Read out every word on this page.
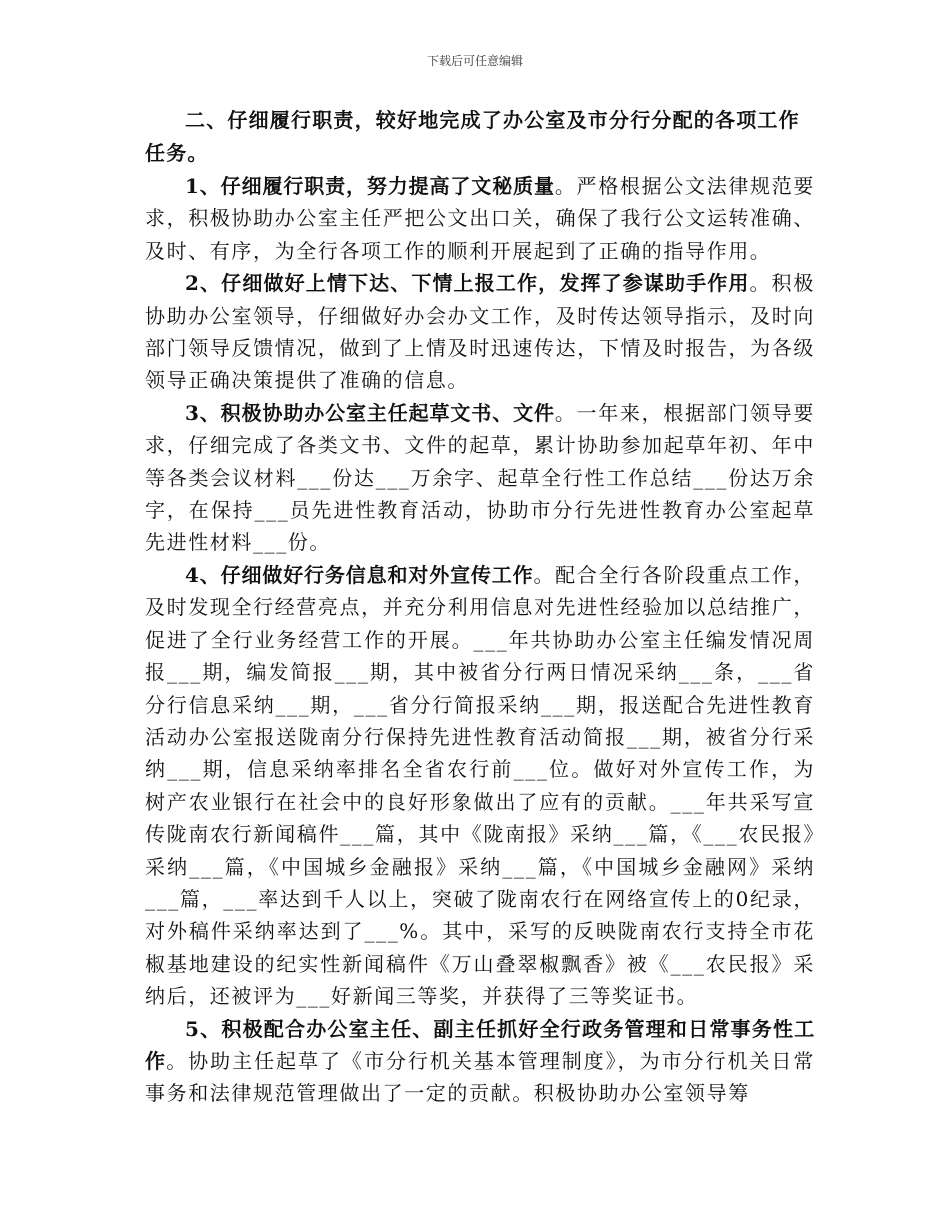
下载后可任意编辑

二、仔细履行职责，较好地完成了办公室及市分行分配的各项工作任务。

1、仔细履行职责，努力提高了文秘质量。严格根据公文法律规范要求，积极协助办公室主任严把公文出口关，确保了我行公文运转准确、及时、有序，为全行各项工作的顺利开展起到了正确的指导作用。

2、仔细做好上情下达、下情上报工作，发挥了参谋助手作用。积极协助办公室领导，仔细做好办会办文工作，及时传达领导指示，及时向部门领导反馈情况，做到了上情及时迅速传达，下情及时报告，为各级领导正确决策提供了准确的信息。

3、积极协助办公室主任起草文书、文件。一年来，根据部门领导要求，仔细完成了各类文书、文件的起草，累计协助参加起草年初、年中等各类会议材料___份达___万余字、起草全行性工作总结___份达万余字，在保持___员先进性教育活动，协助市分行先进性教育办公室起草先进性材料___份。

4、仔细做好行务信息和对外宣传工作。配合全行各阶段重点工作，及时发现全行经营亮点，并充分利用信息对先进性经验加以总结推广，促进了全行业务经营工作的开展。___年共协助办公室主任编发情况周报___期，编发简报___期，其中被省分行两日情况采纳___条，___省分行信息采纳___期，___省分行简报采纳___期，报送配合先进性教育活动办公室报送陇南分行保持先进性教育活动简报___期，被省分行采纳___期，信息采纳率排名全省农行前___位。做好对外宣传工作，为树产农业银行在社会中的良好形象做出了应有的贡献。___年共采写宣传陇南农行新闻稿件___篇，其中《陇南报》采纳___篇，《___农民报》采纳___篇，《中国城乡金融报》采纳___篇，《中国城乡金融网》采纳___篇，___率达到千人以上，突破了陇南农行在网络宣传上的0纪录，对外稿件采纳率达到了___%。其中，采写的反映陇南农行支持全市花椒基地建设的纪实性新闻稿件《万山叠翠椒飘香》被《___农民报》采纳后，还被评为___好新闻三等奖，并获得了三等奖证书。

5、积极配合办公室主任、副主任抓好全行政务管理和日常事务性工作。协助主任起草了《市分行机关基本管理制度》，为市分行机关日常事务和法律规范管理做出了一定的贡献。积极协助办公室领导筹
